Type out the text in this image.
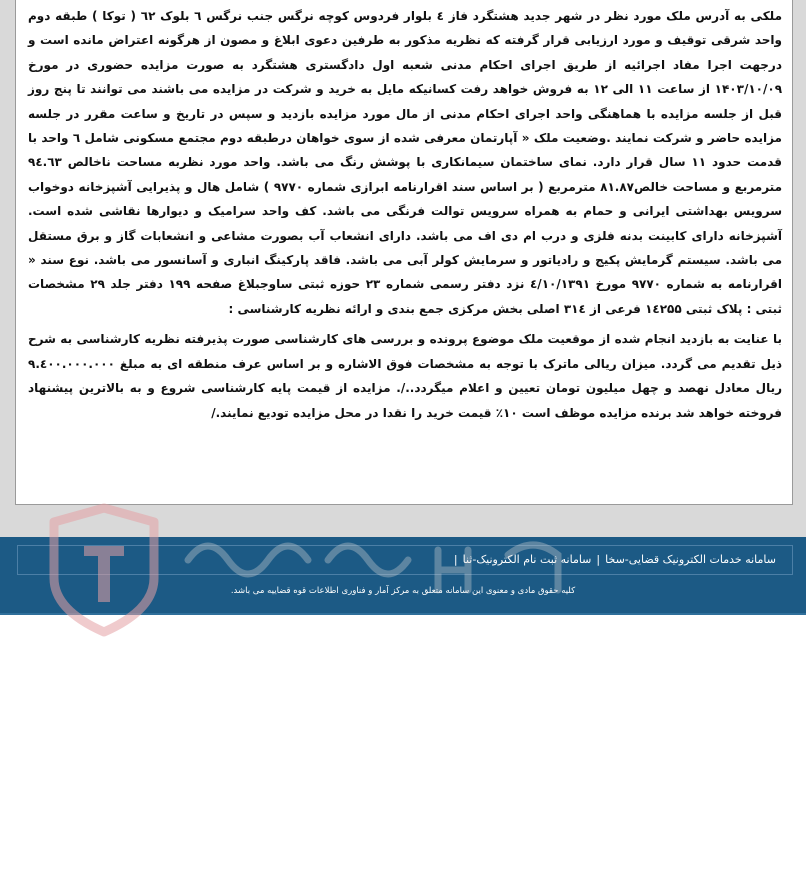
ملکی به آدرس ملک مورد نظر در شهر جدید هشتگرد فاز ٤ بلوار فردوس کوچه نرگس جنب نرگس ٦ بلوک ٦٢ ( توکا ) طبقه دوم واحد شرقی توقیف و مورد ارزیابی قرار گرفته که نظریه مذکور به طرفین دعوی ابلاغ و مصون از هرگونه اعتراض مانده است و درجهت اجرا مفاد اجرائیه از طریق اجرای احکام مدنی شعبه اول دادگستری هشتگرد به صورت مزایده حضوری در مورخ ۱۴۰۳/۱۰/۰۹ از ساعت ۱۱ الی ۱۲ به فروش خواهد رفت کسانیکه مایل به خرید و شرکت در مزایده می باشند می توانند تا پنج روز قبل از جلسه مزایده با هماهنگی واحد اجرای احکام مدنی از مال مورد مزایده بازدید و سپس در تاریخ و ساعت مقرر در جلسه مزایده حاضر و شرکت نمایند .وضعیت ملک « آپارتمان معرفی شده از سوی خواهان درطبقه دوم مجتمع مسکونی شامل ٦ واحد با قدمت حدود ۱۱ سال قرار دارد. نمای ساختمان سیمانکاری با پوشش رنگ می باشد. واحد مورد نظربه مساحت ناخالص ۹٤.٦٣ مترمربع و مساحت خالص۸۱.۸۷ مترمربع ( بر اساس سند اقرارنامه ابرازی شماره ۹۷۷۰ ) شامل هال و پذیرایی آشپزخانه دوخواب سرویس بهداشتی ایرانی و حمام به همراه سرویس توالت فرنگی می باشد. کف واحد سرامیک و دیوارها نقاشی شده است. آشپزخانه دارای کابینت بدنه فلزی و درب ام دی اف می باشد. دارای انشعاب آب بصورت مشاعی و انشعابات گاز و برق مستقل می باشد. سیستم گرمایش پکیج و رادیاتور و سرمایش کولر آبی می باشد. فاقد پارکینگ انباری و آسانسور می باشد. نوع سند « اقرارنامه به شماره ۹۷۷۰ مورخ ٤/۱۰/۱۳۹۱ نزد دفتر رسمی شماره ۲۳ حوزه ثبتی ساوجبلاغ صفحه ۱۹۹ دفتر جلد ۲۹ مشخصات ثبتی : پلاک ثبتی ۱٤۲۵۵ فرعی از ۳۱٤ اصلی بخش مرکزی جمع بندی و ارائه نظریه کارشناسی :

با عنایت به بازدید انجام شده از موقعیت ملک موضوع پرونده و بررسی های کارشناسی صورت پذیرفته نظریه کارشناسی به شرح ذیل تقدیم می گردد. میزان ریالی ماترک با توجه به مشخصات فوق الاشاره و بر اساس عرف منطقه ای به مبلغ ۹.٤۰۰.۰۰۰.۰۰۰ ریال معادل نهصد و چهل میلیون تومان تعیین و اعلام میگردد../. مزایده از قیمت پایه کارشناسی شروع و به بالاترین پیشنهاد فروخته خواهد شد برنده مزایده موظف است ۱۰٪ قیمت خرید را نقدا در محل مزایده تودیع نمایند./

سامانه خدمات الکترونیک قضایی-سخا|سامانه ثبت نام الکترونیک-ثنا|
کلیه حقوق مادی و معنوی این سامانه متعلق به مرکز آمار و فناوری اطلاعات قوه قضاییه می باشد.
